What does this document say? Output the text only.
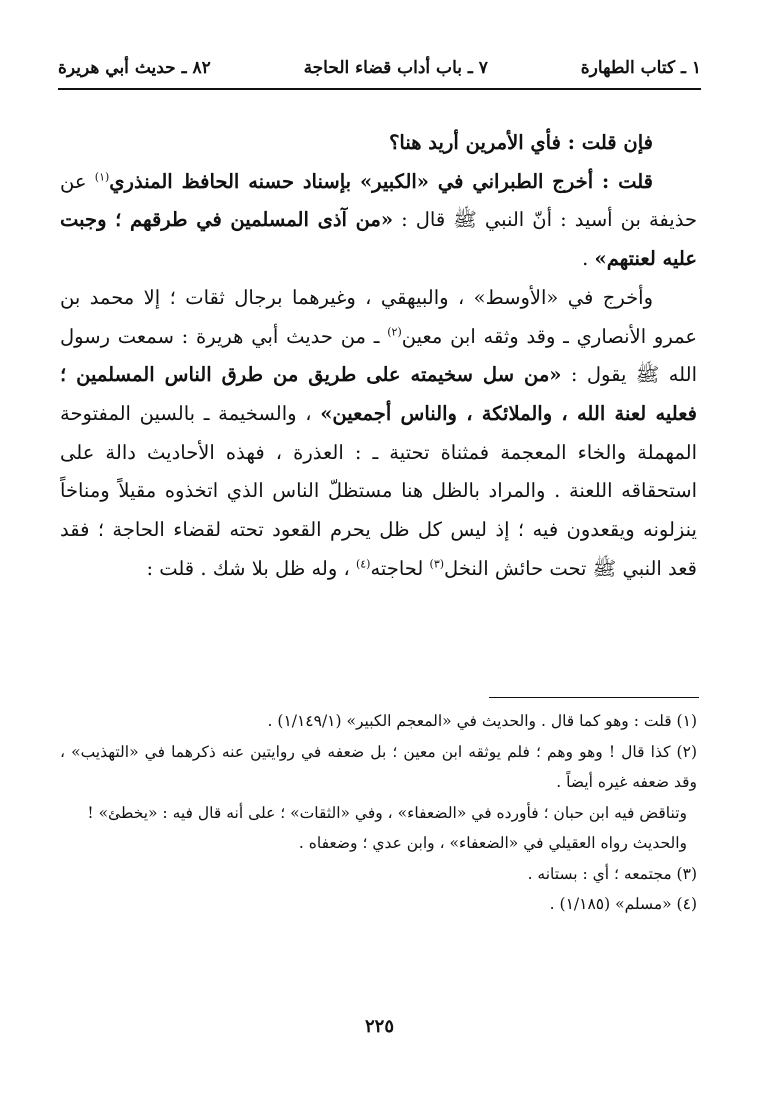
١ ـ كتاب الطهارة
٧ ـ باب أداب قضاء الحاجة
٨٢ ـ حديث أبي هريرة

فإن قلت : فأي الأمرين أريد هنا؟

قلت : أخرج الطبراني في «الكبير» بإسناد حسنه الحافظ المنذري$^{(١)}$ عن حذيفة بن أسيد : أنّ النبي ﷺ قال : «من آذى المسلمين في طرقهم ؛ وجبت عليه لعنتهم» .

وأخرج في «الأوسط» ، والبيهقي ، وغيرهما برجال ثقات ؛ إلا محمد بن عمرو الأنصاري ـ وقد وثقه ابن معين$^{(٢)}$ ـ من حديث أبي هريرة : سمعت رسول الله ﷺ يقول : «من سل سخيمته على طريق من طرق الناس المسلمين ؛ فعليه لعنة الله ، والملائكة ، والناس أجمعين» ، والسخيمة ـ بالسين المفتوحة المهملة والخاء المعجمة فمثناة تحتية ـ : العذرة ، فهذه الأحاديث دالة على استحقاقه اللعنة . والمراد بالظل هنا مستظلّ الناس الذي اتخذوه مقيلاً ومناخاً ينزلونه ويقعدون فيه ؛ إذ ليس كل ظل يحرم القعود تحته لقضاء الحاجة ؛ فقد قعد النبي ﷺ تحت حائش النخل$^{(٣)}$ لحاجته$^{(٤)}$ ، وله ظل بلا شك . قلت :

(١) قلت : وهو كما قال . والحديث في «المعجم الكبير» (١/١٤٩/١) .

(٢) كذا قال ! وهو وهم ؛ فلم يوثقه ابن معين ؛ بل ضعفه في روايتين عنه ذكرهما في «التهذيب» ، وقد ضعفه غيره أيضاً .

وتناقض فيه ابن حبان ؛ فأورده في «الضعفاء» ، وفي «الثقات» ؛ على أنه قال فيه : «يخطئ» !

والحديث رواه العقيلي في «الضعفاء» ، وابن عدي ؛ وضعفاه .

(٣) مجتمعه ؛ أي : بستانه .

(٤) «مسلم» (١/١٨٥) .

٢٢٥
